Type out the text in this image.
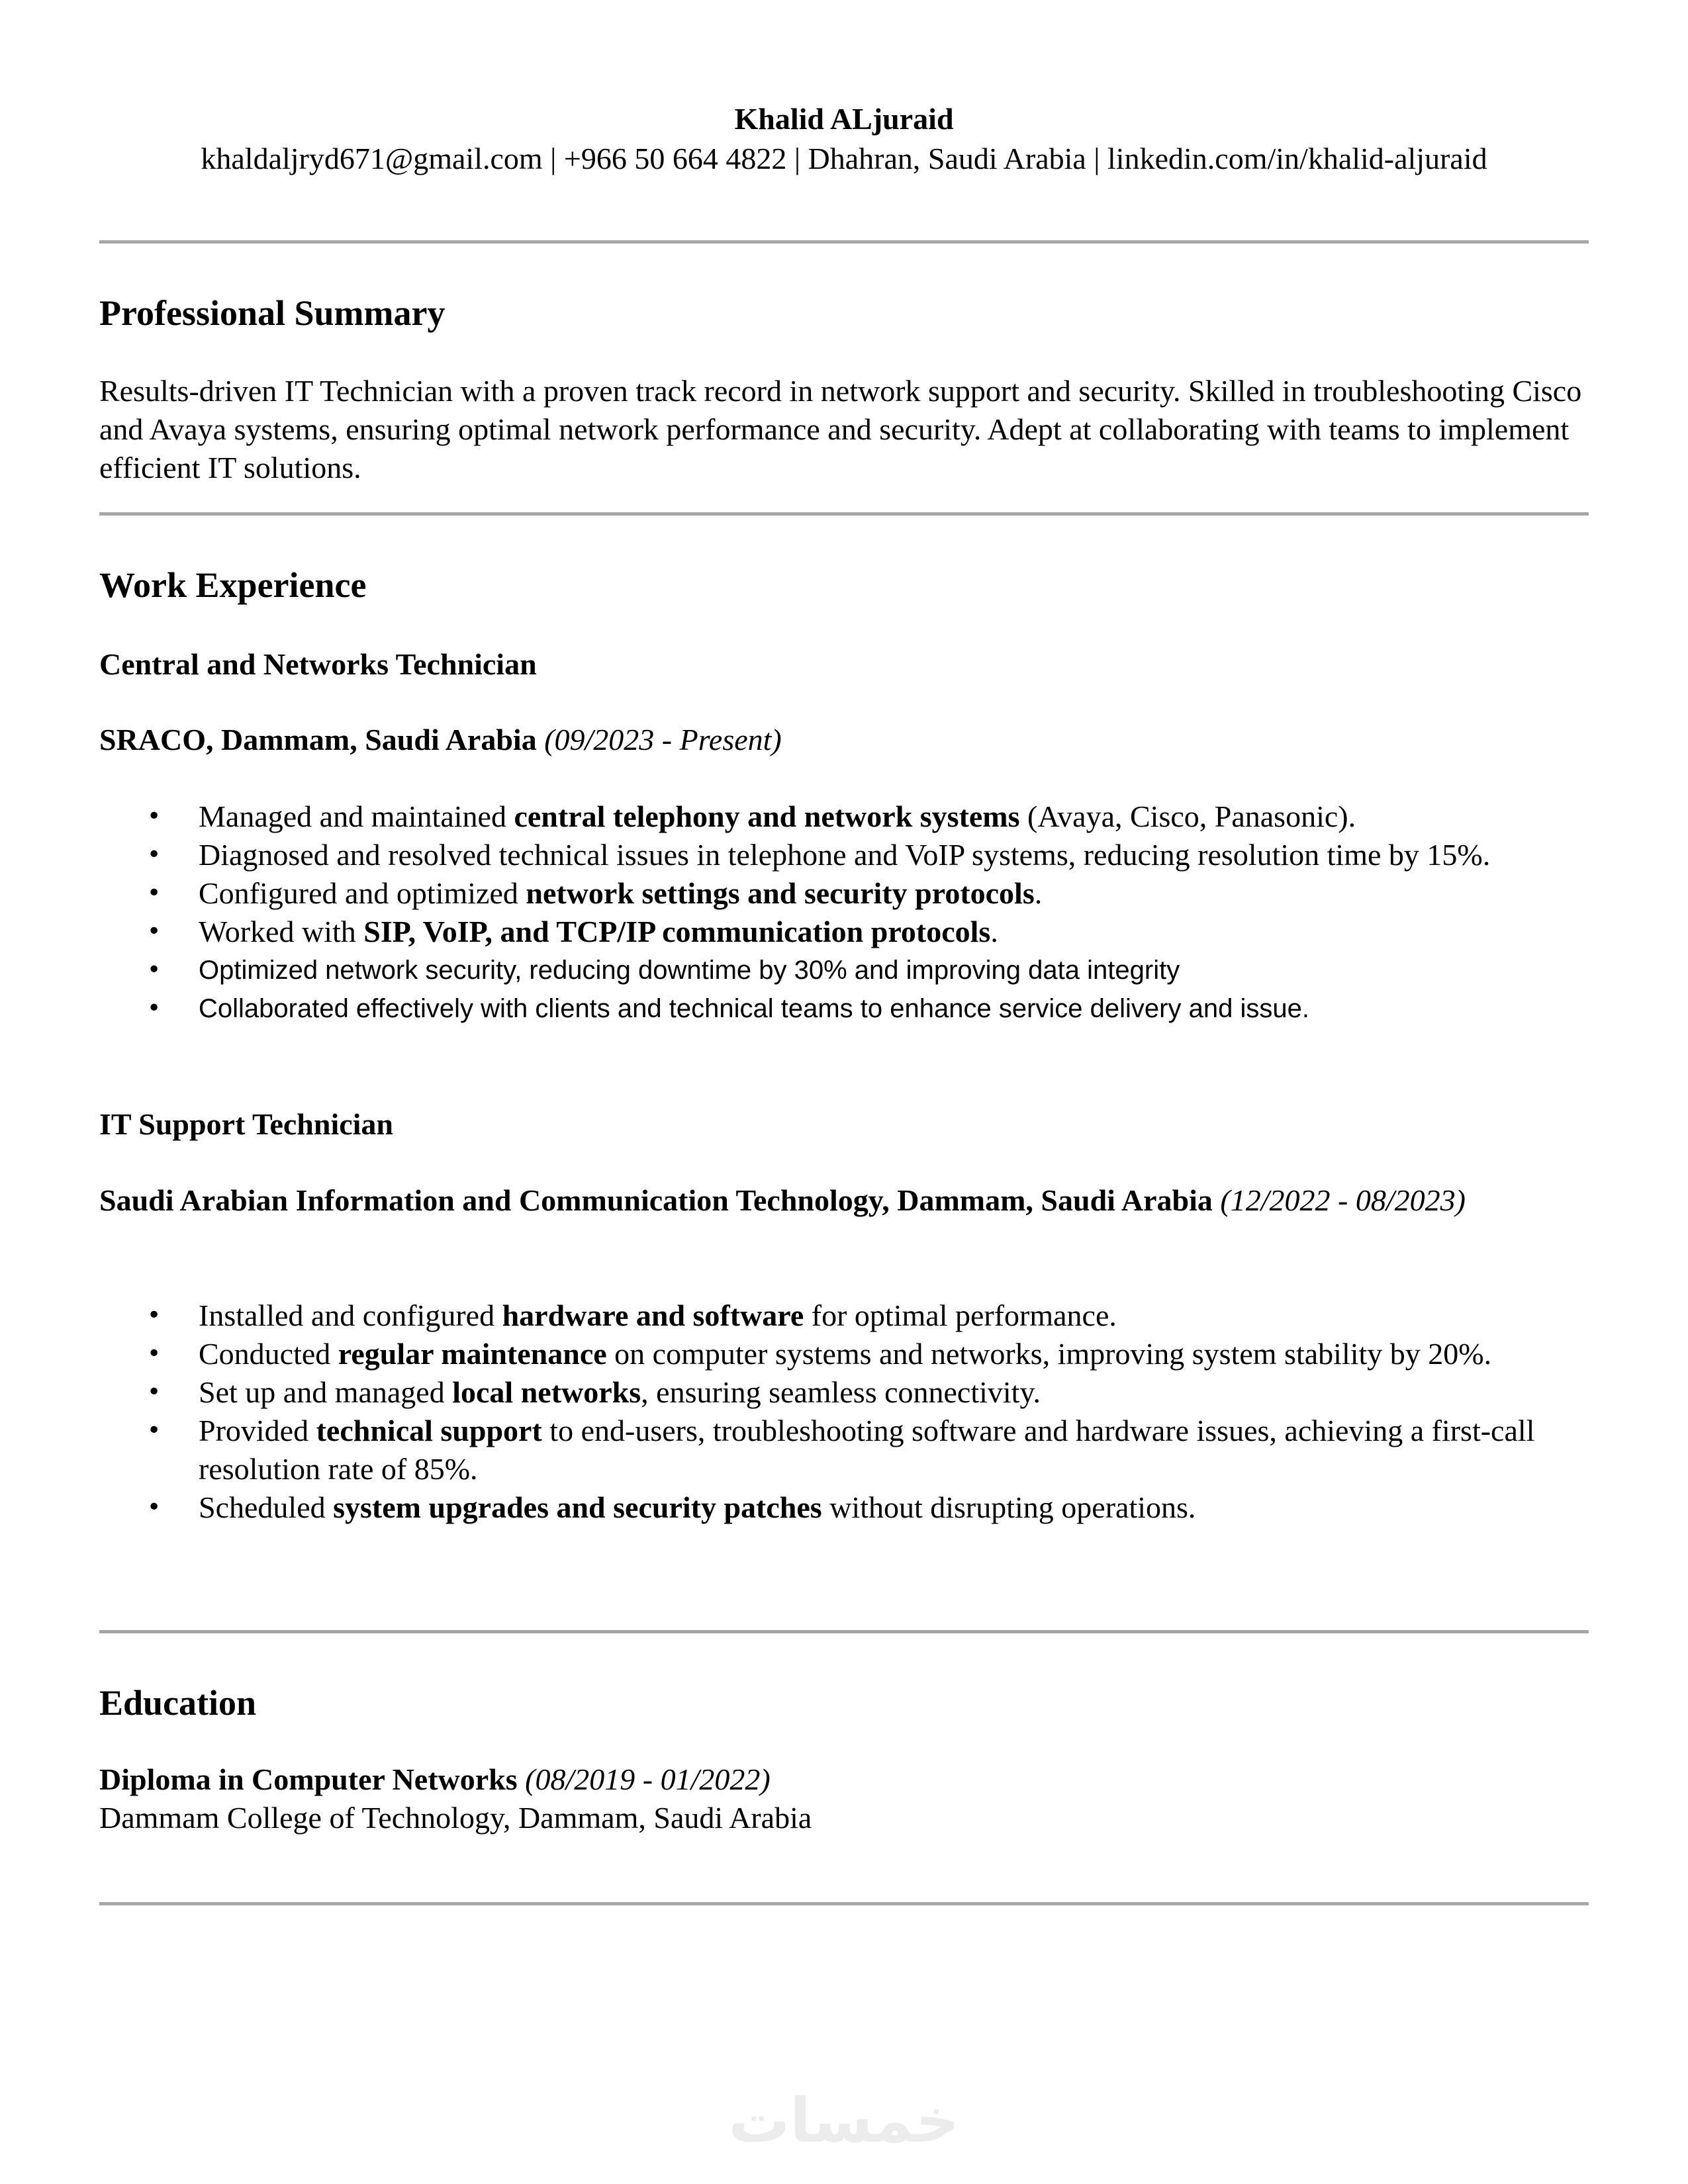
Khalid ALjuraid
khaldaljryd671@gmail.com | +966 50 664 4822 | Dhahran, Saudi Arabia | linkedin.com/in/khalid-aljuraid
Professional Summary

Results-driven IT Technician with a proven track record in network support and security. Skilled in troubleshooting Cisco and Avaya systems, ensuring optimal network performance and security. Adept at collaborating with teams to implement efficient IT solutions.

Work Experience
Central and Networks Technician
SRACO, Dammam, Saudi Arabia (09/2023 - Present)
• Managed and maintained central telephony and network systems (Avaya, Cisco, Panasonic).
• Diagnosed and resolved technical issues in telephone and VoIP systems, reducing resolution time by 15%.
• Configured and optimized network settings and security protocols.
• Worked with SIP, VoIP, and TCP/IP communication protocols.
• Optimized network security, reducing downtime by 30% and improving data integrity
• Collaborated effectively with clients and technical teams to enhance service delivery and issue.
IT Support Technician
Saudi Arabian Information and Communication Technology, Dammam, Saudi Arabia (12/2022 - 08/2023)
• Installed and configured hardware and software for optimal performance.
• Conducted regular maintenance on computer systems and networks, improving system stability by 20%.
• Set up and managed local networks, ensuring seamless connectivity.
• Provided technical support to end-users, troubleshooting software and hardware issues, achieving a first-call resolution rate of 85%.
• Scheduled system upgrades and security patches without disrupting operations.
Education
Diploma in Computer Networks (08/2019 - 01/2022)
Dammam College of Technology, Dammam, Saudi Arabia
خمسات
